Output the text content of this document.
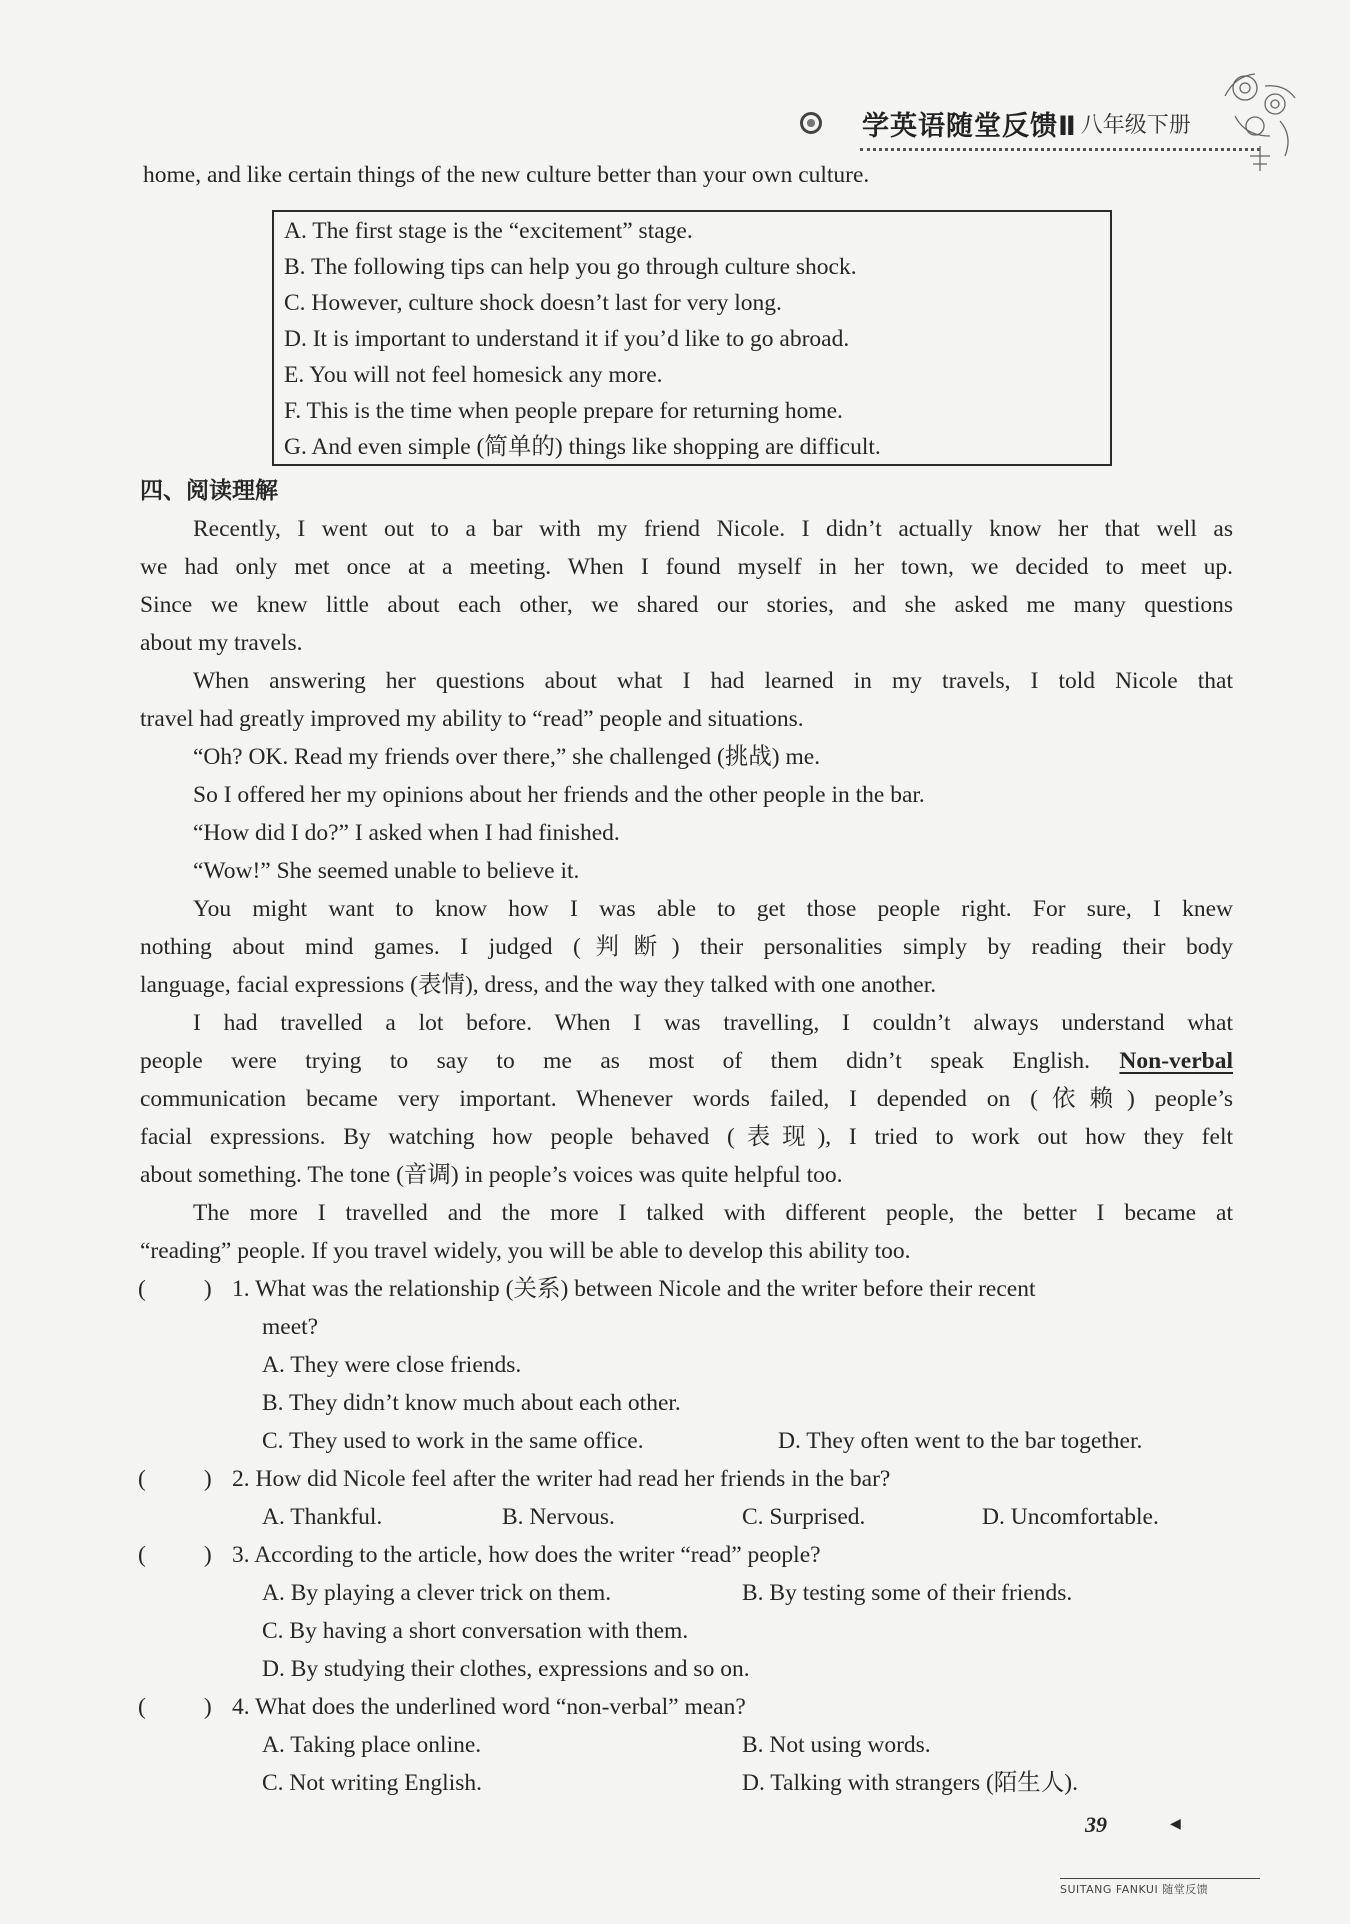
学英语随堂反馈Ⅱ 八年级下册
home, and like certain things of the new culture better than your own culture.
A. The first stage is the “excitement” stage.
B. The following tips can help you go through culture shock.
C. However, culture shock doesn’t last for very long.
D. It is important to understand it if you’d like to go abroad.
E. You will not feel homesick any more.
F. This is the time when people prepare for returning home.
G. And even simple (简单的) things like shopping are difficult.
四、阅读理解
Recently, I went out to a bar with my friend Nicole. I didn’t actually know her that well as
we had only met once at a meeting. When I found myself in her town, we decided to meet up.
Since we knew little about each other, we shared our stories, and she asked me many questions
about my travels.
When answering her questions about what I had learned in my travels, I told Nicole that
travel had greatly improved my ability to “read” people and situations.
“Oh? OK. Read my friends over there,” she challenged (挑战) me.
So I offered her my opinions about her friends and the other people in the bar.
“How did I do?” I asked when I had finished.
“Wow!” She seemed unable to believe it.
You might want to know how I was able to get those people right. For sure, I knew
nothing about mind games. I judged (判断) their personalities simply by reading their body
language, facial expressions (表情), dress, and the way they talked with one another.
I had travelled a lot before. When I was travelling, I couldn’t always understand what
people were trying to say to me as most of them didn’t speak English. Non-verbal
communication became very important. Whenever words failed, I depended on (依赖) people’s
facial expressions. By watching how people behaved (表现), I tried to work out how they felt
about something. The tone (音调) in people’s voices was quite helpful too.
The more I travelled and the more I talked with different people, the better I became at
“reading” people. If you travel widely, you will be able to develop this ability too.
( ) 1. What was the relationship (关系) between Nicole and the writer before their recent
meet?
A. They were close friends.
B. They didn’t know much about each other.
C. They used to work in the same office.	D. They often went to the bar together.
( ) 2. How did Nicole feel after the writer had read her friends in the bar?
A. Thankful.	B. Nervous.	C. Surprised.	D. Uncomfortable.
( ) 3. According to the article, how does the writer “read” people?
A. By playing a clever trick on them.	B. By testing some of their friends.
C. By having a short conversation with them.
D. By studying their clothes, expressions and so on.
( ) 4. What does the underlined word “non-verbal” mean?
A. Taking place online.	B. Not using words.
C. Not writing English.	D. Talking with strangers (陌生人).
39	◀
SUITANG FANKUI 随堂反馈
